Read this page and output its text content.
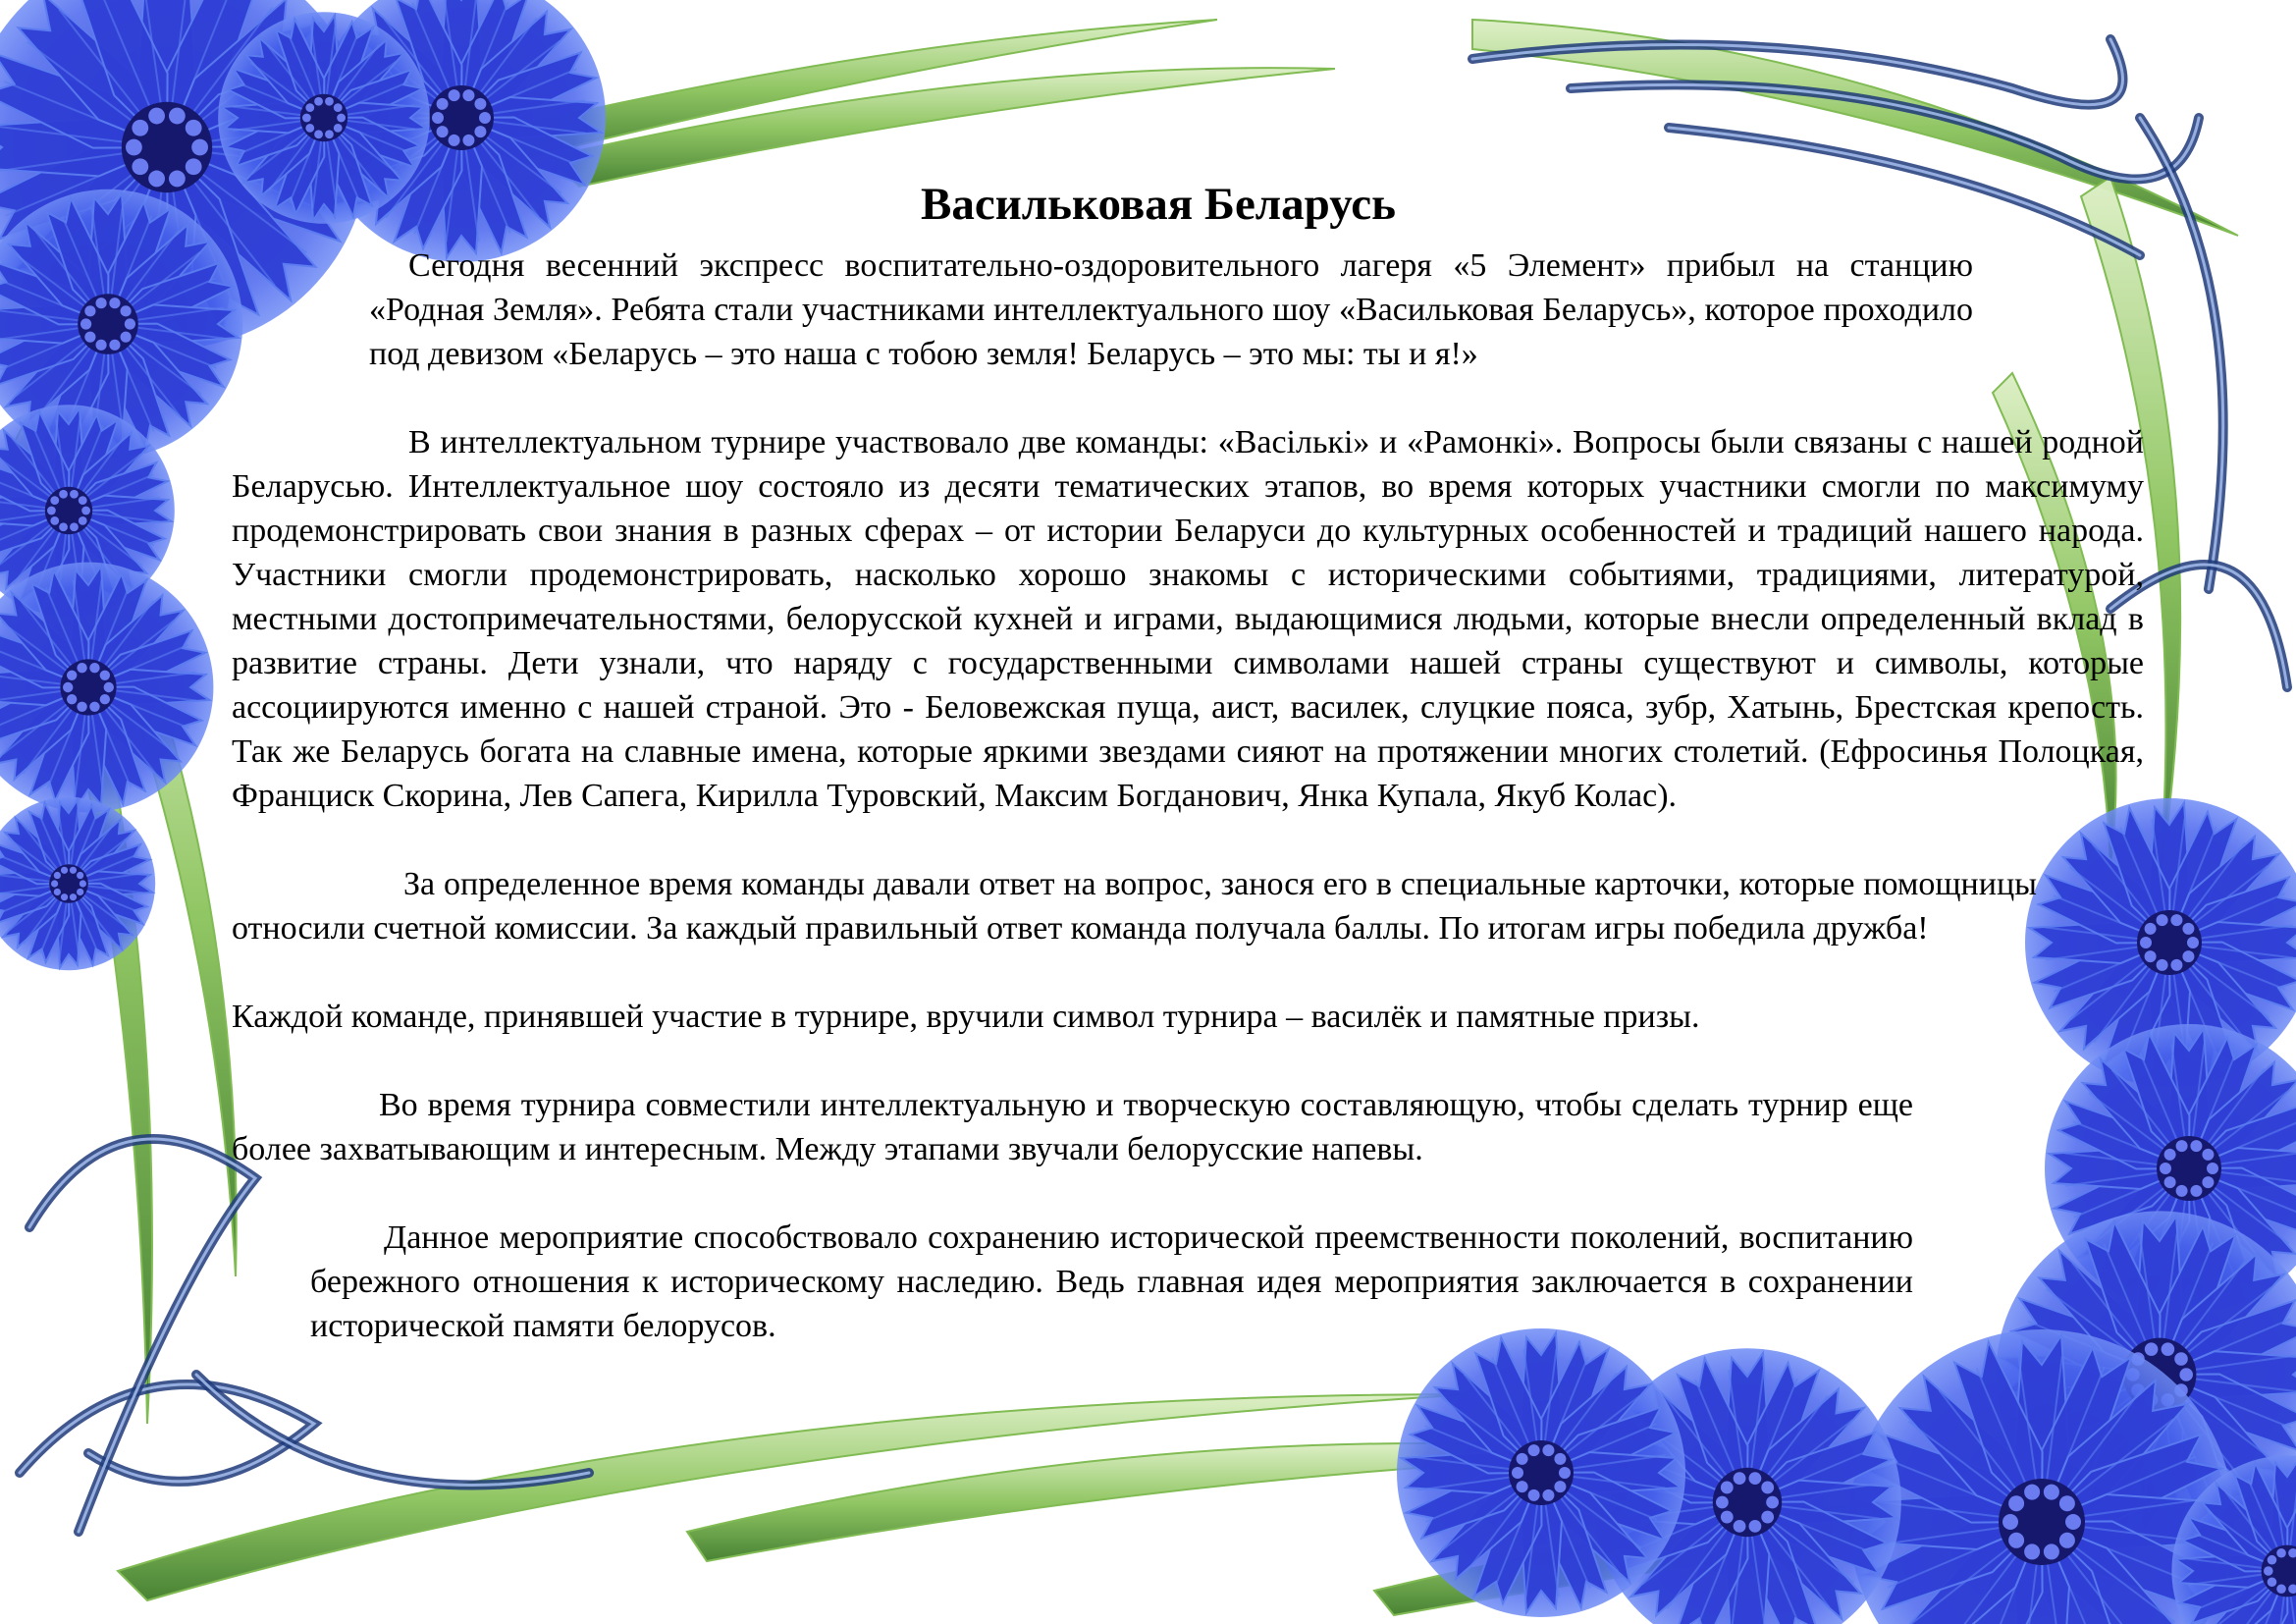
Васильковая Беларусь

Сегодня весенний экспресс воспитательно-оздоровительного лагеря «5 Элемент» прибыл на станцию «Родная Земля». Ребята стали участниками интеллектуального шоу «Васильковая Беларусь», которое проходило под девизом «Беларусь – это наша с тобою земля! Беларусь – это мы: ты и я!»

В интеллектуальном турнире участвовало две команды: «Васількі» и «Рамонкі». Вопросы были связаны с нашей родной Беларусью. Интеллектуальное шоу состояло из десяти тематических этапов, во время которых участники смогли по максимуму продемонстрировать свои знания в разных сферах – от истории Беларуси до культурных особенностей и традиций нашего народа. Участники смогли продемонстрировать, насколько хорошо знакомы с историческими событиями, традициями, литературой, местными достопримечательностями, белорусской кухней и играми, выдающимися людьми, которые внесли определенный вклад в развитие страны. Дети узнали, что наряду с государственными символами нашей страны существуют и символы, которые ассоциируются именно с нашей страной. Это - Беловежская пуща, аист, василек, слуцкие пояса, зубр, Хатынь, Брестская крепость. Так же Беларусь богата на славные имена, которые яркими звездами сияют на протяжении многих столетий. (Ефросинья Полоцкая, Франциск Скорина, Лев Сапега, Кирилла Туровский, Максим Богданович, Янка Купала, Якуб Колас).

За определенное время команды давали ответ на вопрос, занося его в специальные карточки, которые помощницы относили счетной комиссии. За каждый правильный ответ команда получала баллы. По итогам игры победила дружба!

Каждой команде, принявшей участие в турнире, вручили символ турнира – василёк и памятные призы.

Во время турнира совместили интеллектуальную и творческую составляющую, чтобы сделать турнир еще более захватывающим и интересным. Между этапами звучали белорусские напевы.

Данное мероприятие способствовало сохранению исторической преемственности поколений, воспитанию бережного отношения к историческому наследию. Ведь главная идея мероприятия заключается в сохранении исторической памяти белорусов.
